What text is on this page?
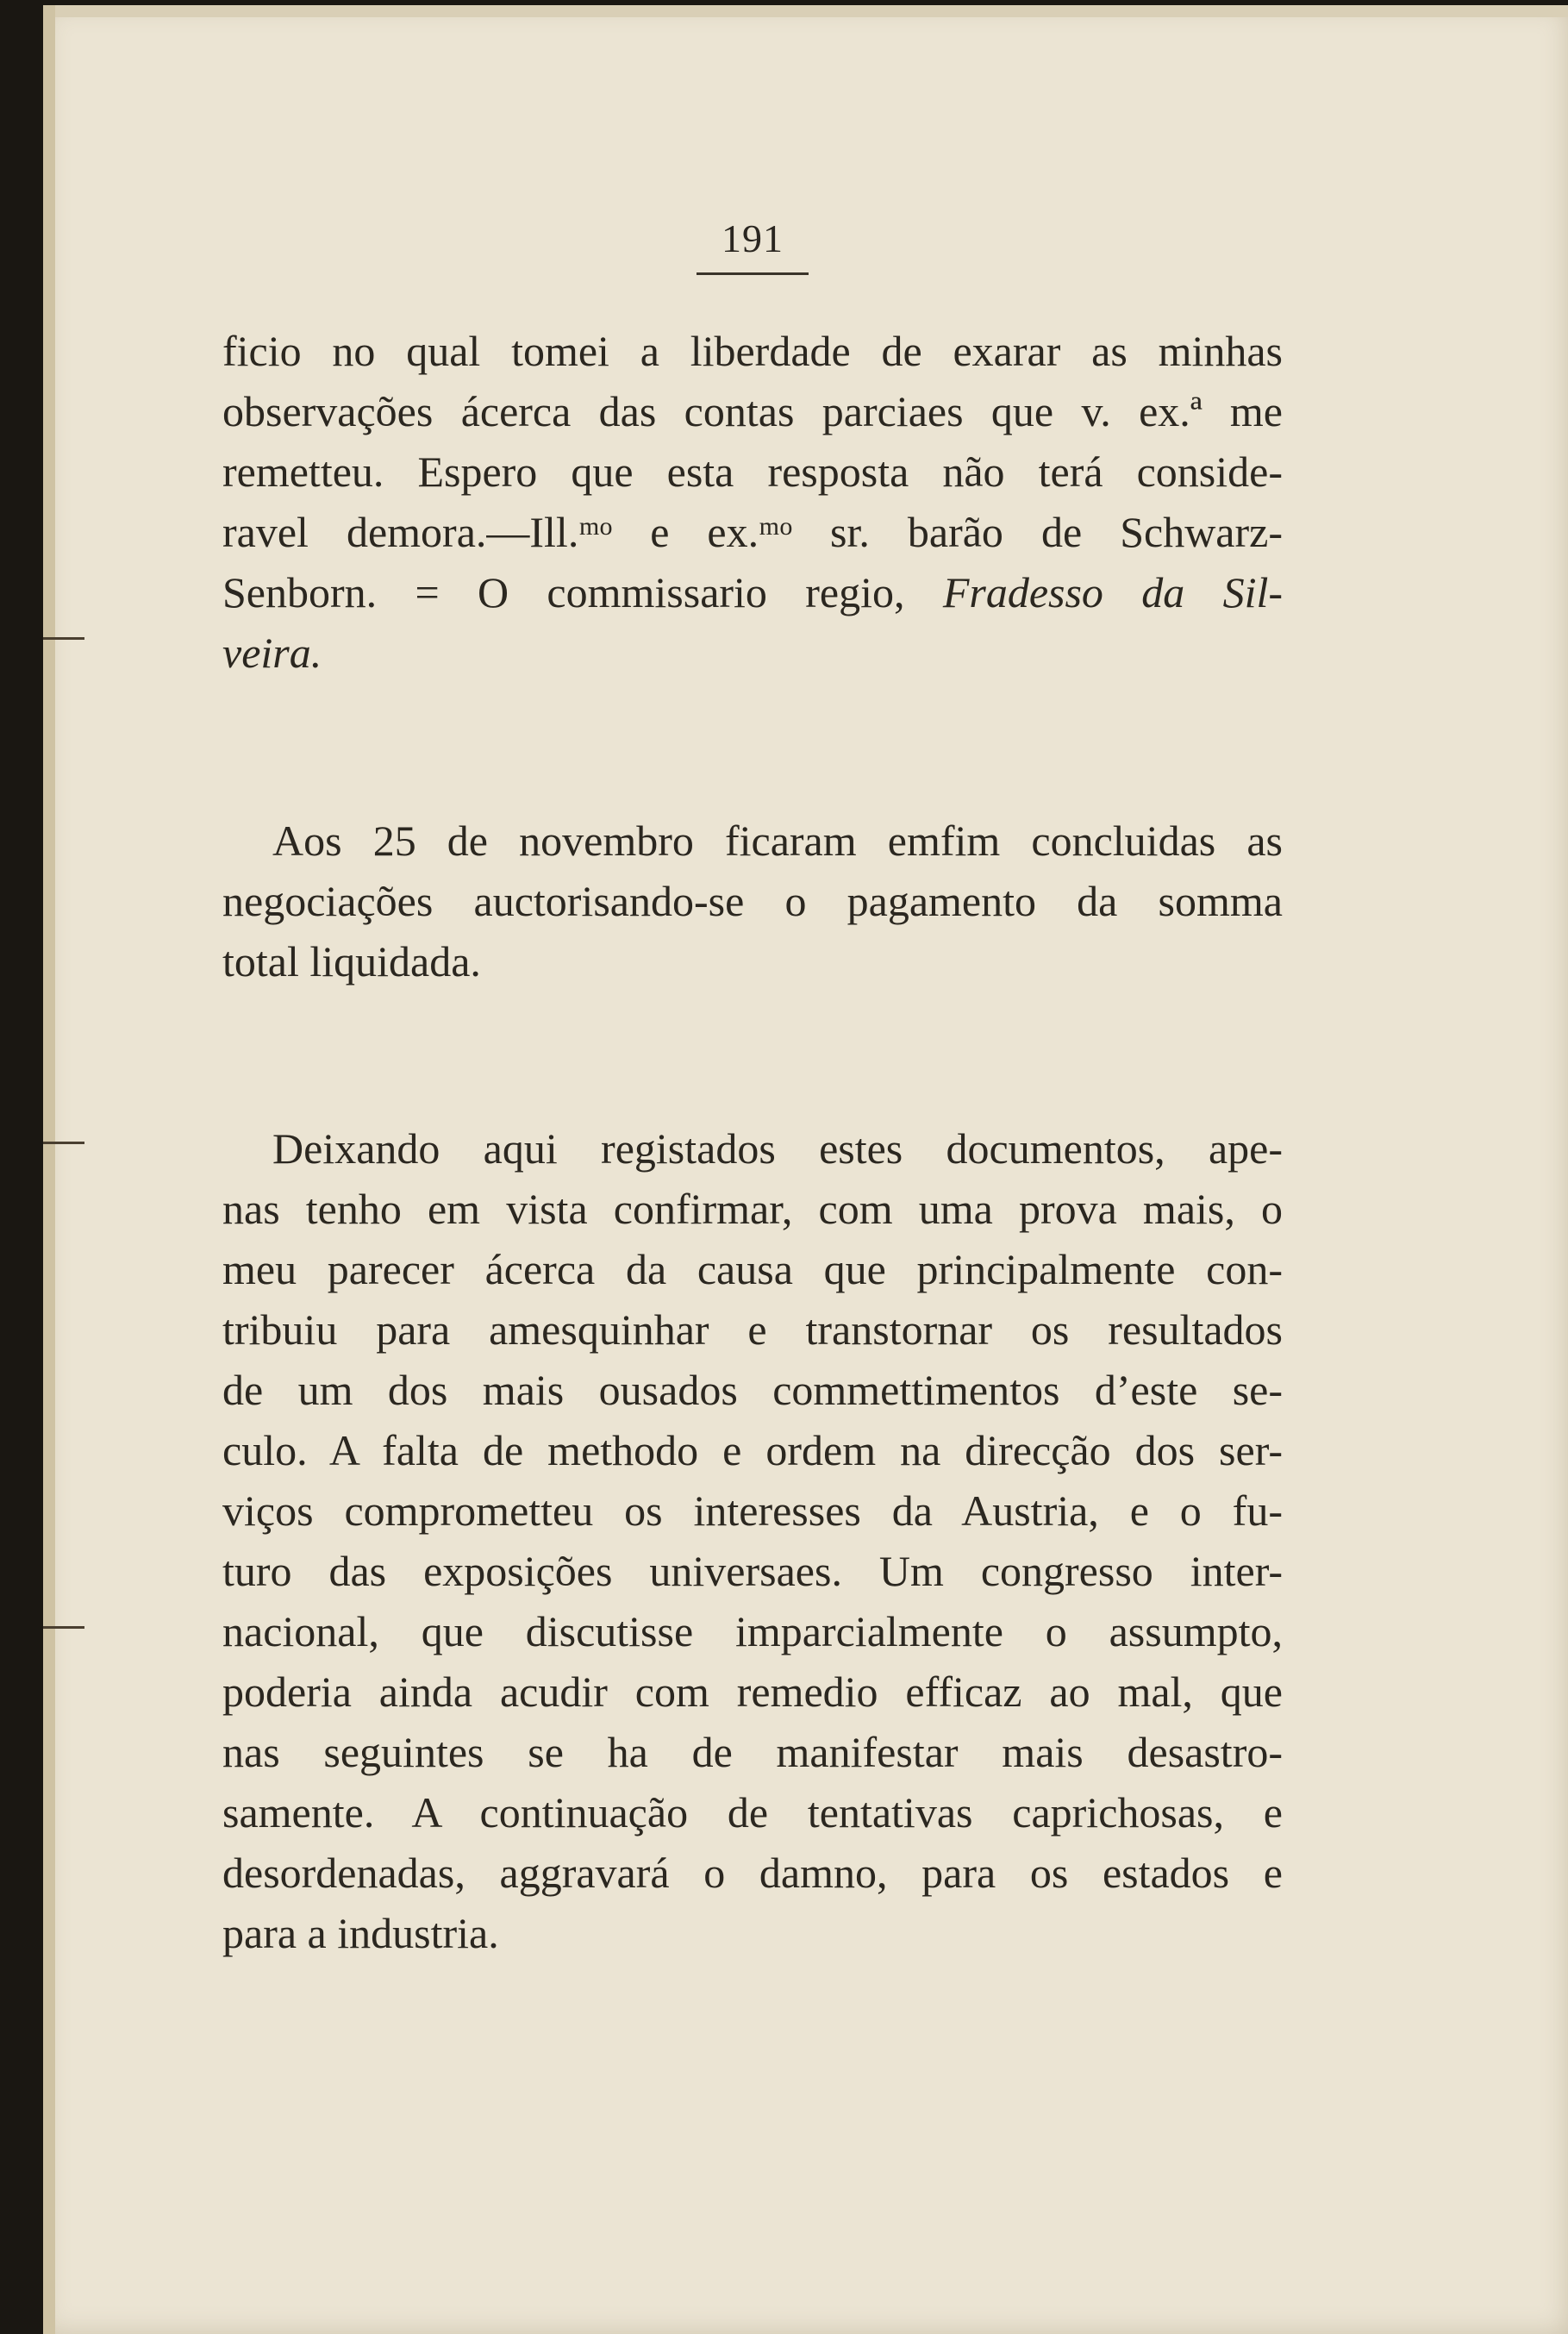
191
ficio no qual tomei a liberdade de exarar as minhas
observações ácerca das contas parciaes que v. ex.ª me
remetteu. Espero que esta resposta não terá conside-
ravel demora.—Ill.ᵐᵒ e ex.ᵐᵒ sr. barão de Schwarz-
Senborn. = O commissario regio, Fradesso da Sil-
veira.
Aos 25 de novembro ficaram emfim concluidas as
negociações auctorisando-se o pagamento da somma
total liquidada.
Deixando aqui registados estes documentos, ape-
nas tenho em vista confirmar, com uma prova mais, o
meu parecer ácerca da causa que principalmente con-
tribuiu para amesquinhar e transtornar os resultados
de um dos mais ousados commettimentos d’este se-
culo. A falta de methodo e ordem na direcção dos ser-
viços comprometteu os interesses da Austria, e o fu-
turo das exposições universaes. Um congresso inter-
nacional, que discutisse imparcialmente o assumpto,
poderia ainda acudir com remedio efficaz ao mal, que
nas seguintes se ha de manifestar mais desastro-
samente. A continuação de tentativas caprichosas, e
desordenadas, aggravará o damno, para os estados e
para a industria.
